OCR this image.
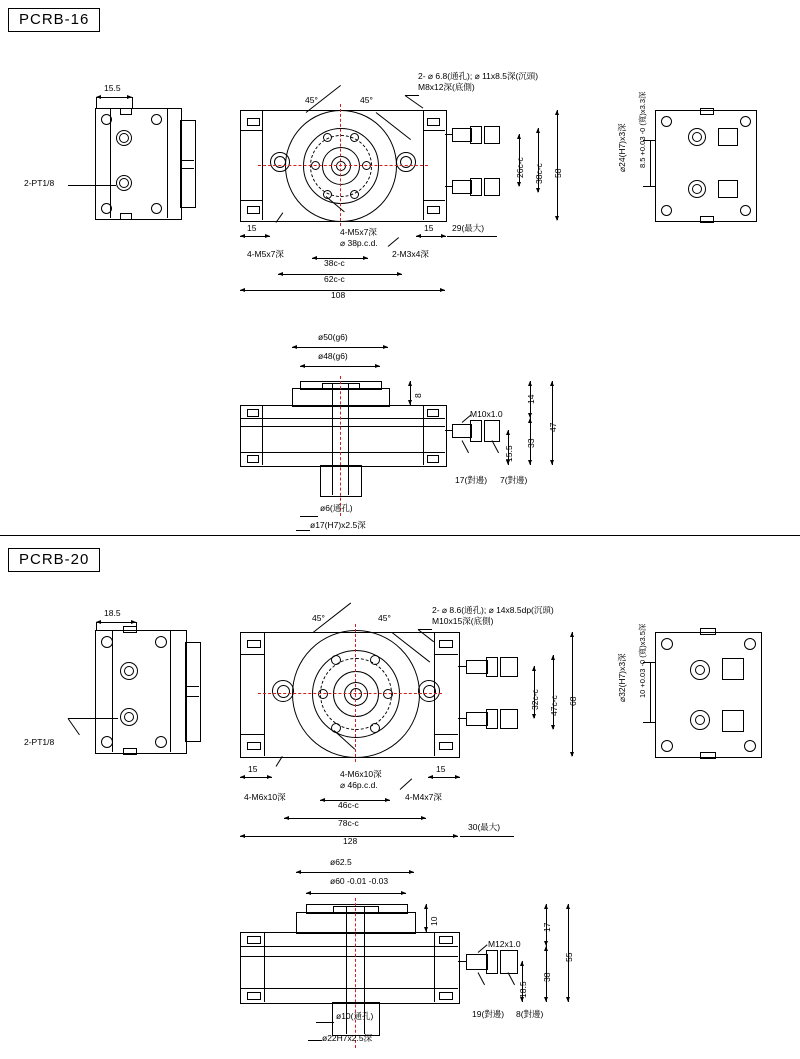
PCRB-16
15.5
2-PT1/8
45°	45°
2- ⌀ 6.8(通孔); ⌀ 11x8.5深(沉頭)
M8x12深(底側)
4-M5x7深
⌀ 38p.c.d.
4-M5x7深	2-M3x4深
15	15 29(最大)
38c-c
62c-c
108
26c-c 38c-c 58
⌀24(H7)x3深 8.5 +0.03 -0 (寬)x3.3深
ø50(g6)
ø48(g6)
M10x1.0
17(對邊) 7(對邊)
8	14
33
47
15.5
ø6(通孔)
ø17(H7)x2.5深
PCRB-20
18.5
2-PT1/8
45°	45°
2- ⌀ 8.6(通孔); ⌀ 14x8.5dp(沉頭)
M10x15深(底側)
4-M6x10深
⌀ 46p.c.d.
4-M6x10深	4-M4x7深
15	15
30(最大)
46c-c
78c-c
128
32c-c 47c-c 68	⌀32(H7)x3深 10 +0.03 -0 (寬)x3.5深
ø62.5
ø60 -0.01 -0.03
M12x1.0
19(對邊) 8(對邊)
10
17
38
55
18.5
ø10(通孔)
ø22H7x2.5深
